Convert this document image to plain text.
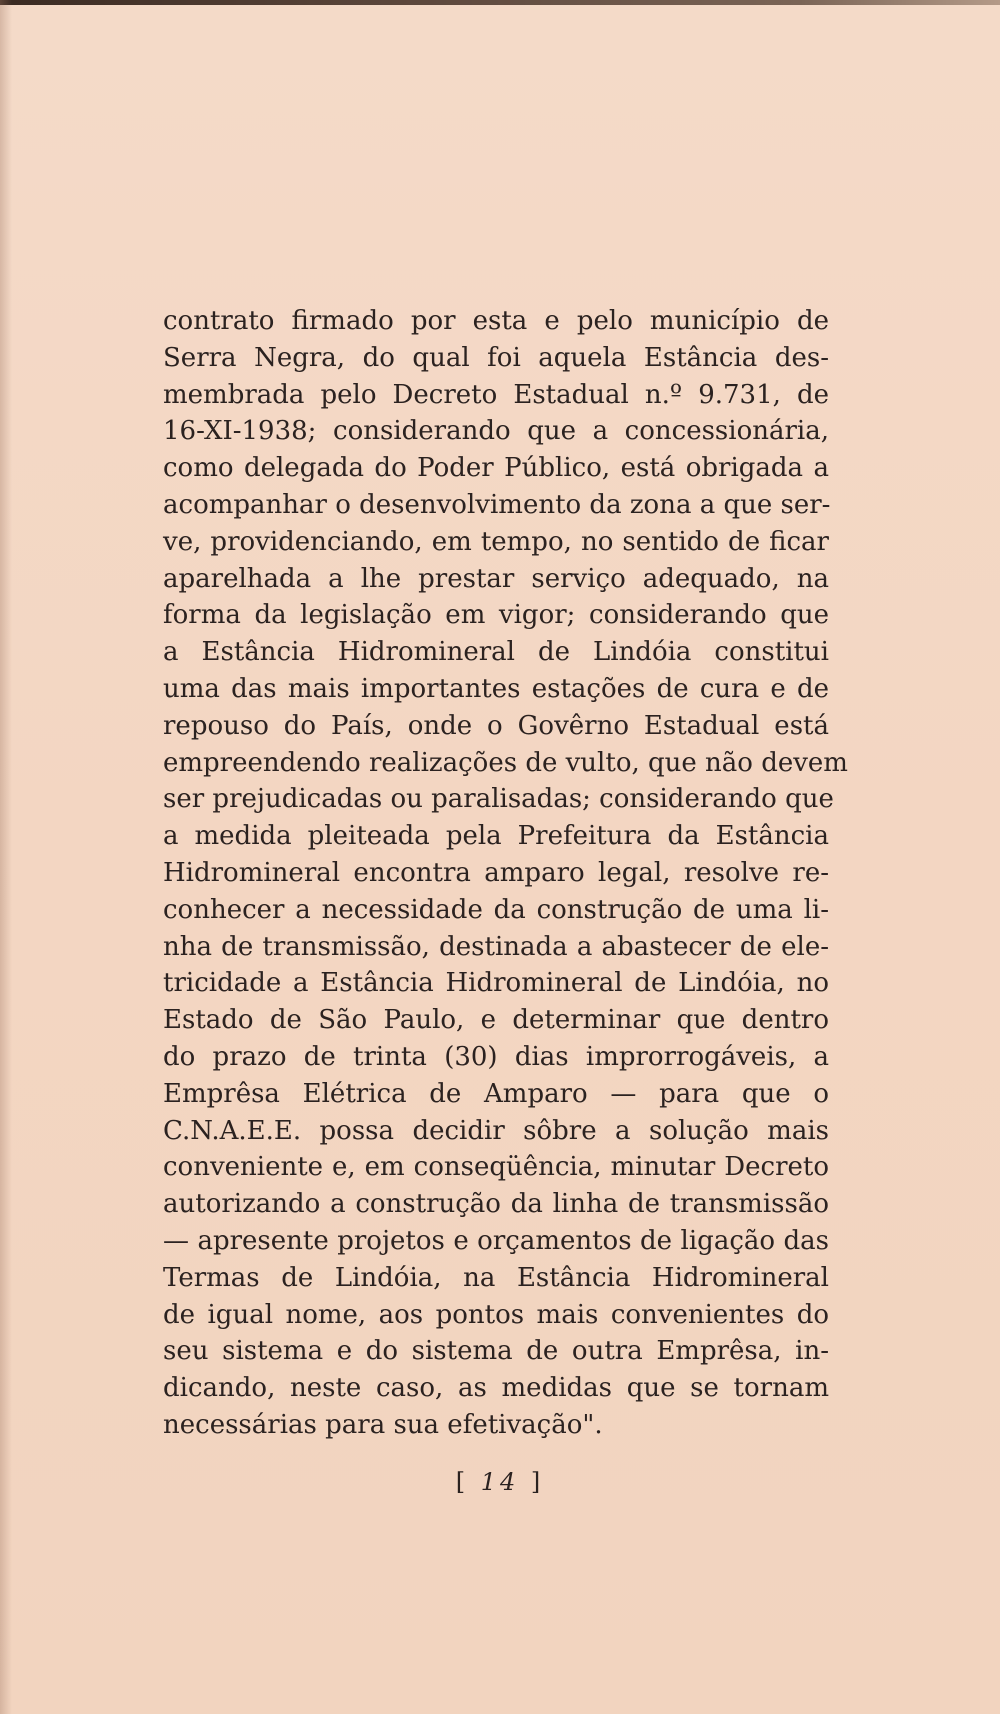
contrato firmado por esta e pelo município de
Serra Negra, do qual foi aquela Estância des-
membrada pelo Decreto Estadual n.º 9.731, de
16-XI-1938; considerando que a concessionária,
como delegada do Poder Público, está obrigada a
acompanhar o desenvolvimento da zona a que ser-
ve, providenciando, em tempo, no sentido de ficar
aparelhada a lhe prestar serviço adequado, na
forma da legislação em vigor; considerando que
a Estância Hidromineral de Lindóia constitui
uma das mais importantes estações de cura e de
repouso do País, onde o Govêrno Estadual está
empreendendo realizações de vulto, que não devem
ser prejudicadas ou paralisadas; considerando que
a medida pleiteada pela Prefeitura da Estância
Hidromineral encontra amparo legal, resolve re-
conhecer a necessidade da construção de uma li-
nha de transmissão, destinada a abastecer de ele-
tricidade a Estância Hidromineral de Lindóia, no
Estado de São Paulo, e determinar que dentro
do prazo de trinta (30) dias improrrogáveis, a
Emprêsa Elétrica de Amparo — para que o
C.N.A.E.E. possa decidir sôbre a solução mais
conveniente e, em conseqüência, minutar Decreto
autorizando a construção da linha de transmissão
— apresente projetos e orçamentos de ligação das
Termas de Lindóia, na Estância Hidromineral
de igual nome, aos pontos mais convenientes do
seu sistema e do sistema de outra Emprêsa, in-
dicando, neste caso, as medidas que se tornam
necessárias para sua efetivação".
[ 14 ]
